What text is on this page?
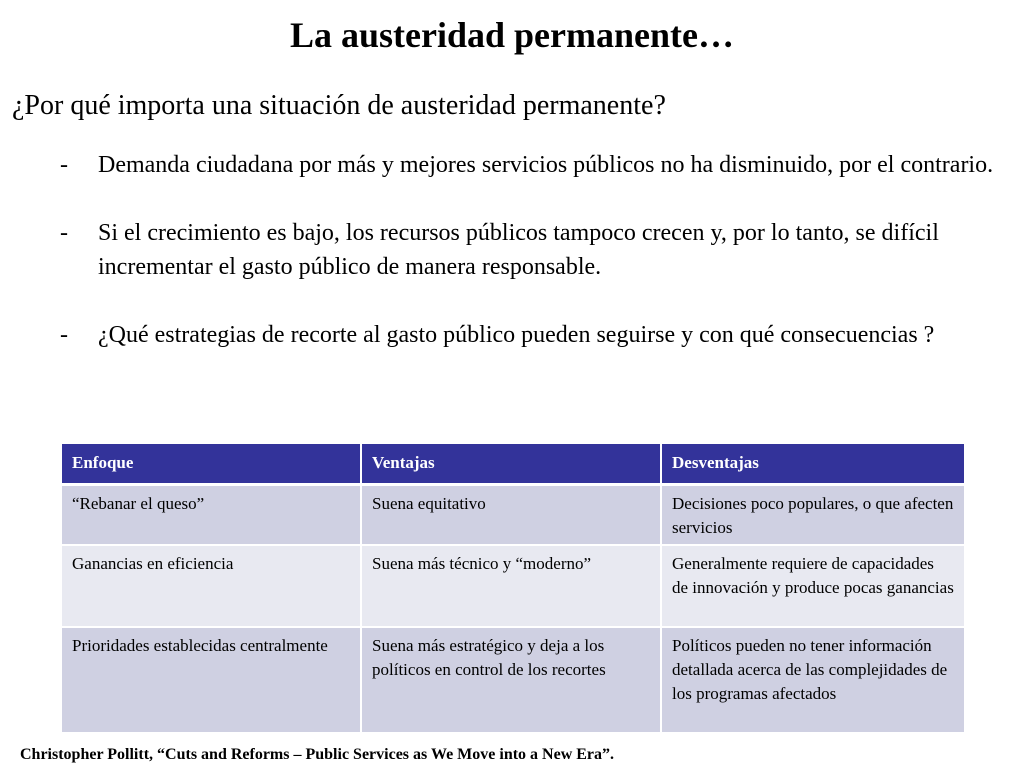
La austeridad permanente…
¿Por qué importa una situación de austeridad permanente?
- Demanda ciudadana por más y mejores servicios públicos no ha disminuido, por el contrario.
- Si el crecimiento es bajo, los recursos públicos tampoco crecen y, por lo tanto, se difícil incrementar el gasto público de manera responsable.
- ¿Qué estrategias de recorte al gasto público pueden seguirse y con qué consecuencias ?
Enfoque	Ventajas	Desventajas
“Rebanar el queso”	Suena equitativo	Decisiones poco populares, o que afecten servicios
Ganancias en eficiencia	Suena más técnico y “moderno”	Generalmente requiere de capacidades de innovación y produce pocas ganancias
Prioridades establecidas centralmente	Suena más estratégico y deja a los políticos en control de los recortes	Políticos pueden no tener información detallada acerca de las complejidades de los programas afectados
Christopher Pollitt, “Cuts and Reforms – Public Services as We Move into a New Era”.
